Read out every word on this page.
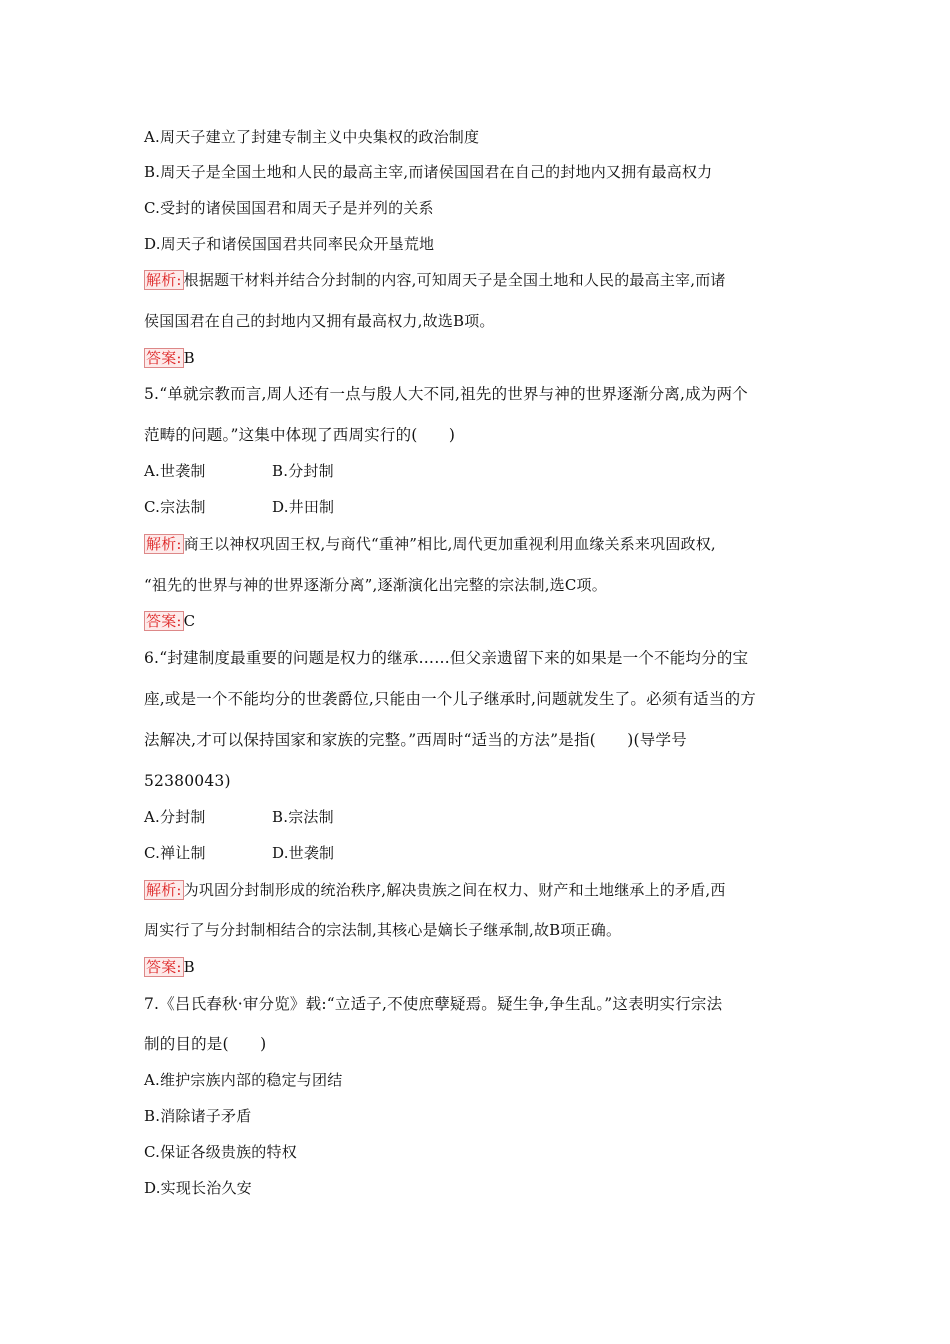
A.周天子建立了封建专制主义中央集权的政治制度
B.周天子是全国土地和人民的最高主宰,而诸侯国国君在自己的封地内又拥有最高权力
C.受封的诸侯国国君和周天子是并列的关系
D.周天子和诸侯国国君共同率民众开垦荒地
解析: 根据题干材料并结合分封制的内容,可知周天子是全国土地和人民的最高主宰,而诸
侯国国君在自己的封地内又拥有最高权力,故选B项。
答案: B
5.“单就宗教而言,周人还有一点与殷人大不同,祖先的世界与神的世界逐渐分离,成为两个
范畴的问题。”这集中体现了西周实行的(　　)
A.世袭制	B.分封制
C.宗法制	D.井田制
解析: 商王以神权巩固王权,与商代“重神”相比,周代更加重视利用血缘关系来巩固政权,
“祖先的世界与神的世界逐渐分离”,逐渐演化出完整的宗法制,选C项。
答案: C
6.“封建制度最重要的问题是权力的继承……但父亲遗留下来的如果是一个不能均分的宝
座,或是一个不能均分的世袭爵位,只能由一个儿子继承时,问题就发生了。必须有适当的方
法解决,才可以保持国家和家族的完整。”西周时“适当的方法”是指(　　)(导学号
52380043)
A.分封制	B.宗法制
C.禅让制	D.世袭制
解析: 为巩固分封制形成的统治秩序,解决贵族之间在权力、财产和土地继承上的矛盾,西
周实行了与分封制相结合的宗法制,其核心是嫡长子继承制,故B项正确。
答案: B
7.《吕氏春秋·审分览》载:“立适子,不使庶孽疑焉。疑生争,争生乱。”这表明实行宗法
制的目的是(　　)
A.维护宗族内部的稳定与团结
B.消除诸子矛盾
C.保证各级贵族的特权
D.实现长治久安
